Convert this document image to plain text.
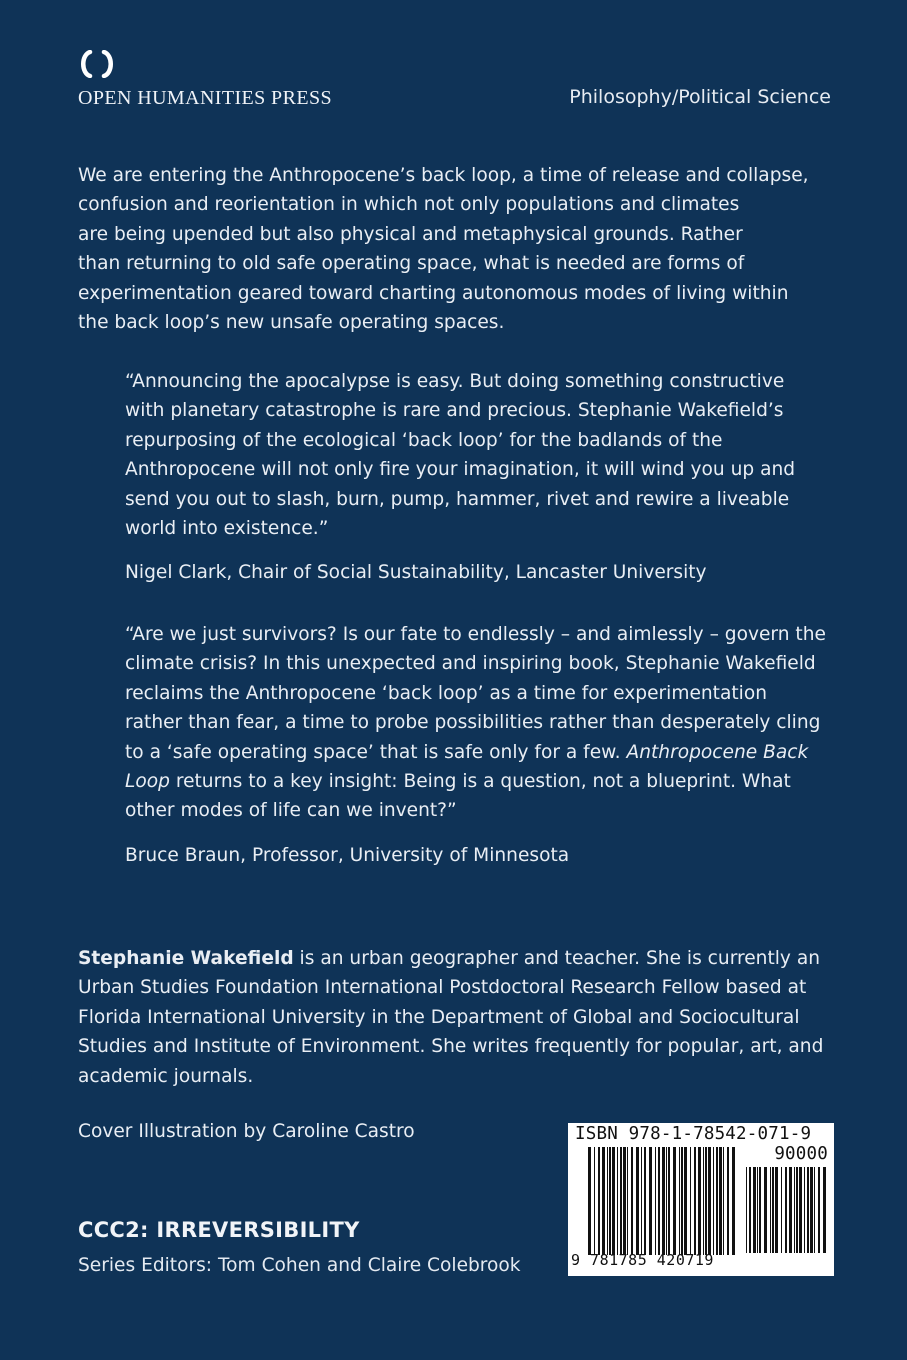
OPEN HUMANITIES PRESS	Philosophy/Political Science
We are entering the Anthropocene’s back loop, a time of release and collapse,
confusion and reorientation in which not only populations and climates
are being upended but also physical and metaphysical grounds. Rather
than returning to old safe operating space, what is needed are forms of
experimentation geared toward charting autonomous modes of living within
the back loop’s new unsafe operating spaces.
“Announcing the apocalypse is easy. But doing something constructive
with planetary catastrophe is rare and precious. Stephanie Wakefield’s
repurposing of the ecological ‘back loop’ for the badlands of the
Anthropocene will not only fire your imagination, it will wind you up and
send you out to slash, burn, pump, hammer, rivet and rewire a liveable
world into existence.”
Nigel Clark, Chair of Social Sustainability, Lancaster University
“Are we just survivors? Is our fate to endlessly – and aimlessly – govern the
climate crisis? In this unexpected and inspiring book, Stephanie Wakefield
reclaims the Anthropocene ‘back loop’ as a time for experimentation
rather than fear, a time to probe possibilities rather than desperately cling
to a ‘safe operating space’ that is safe only for a few. Anthropocene Back
Loop returns to a key insight: Being is a question, not a blueprint. What
other modes of life can we invent?”
Bruce Braun, Professor, University of Minnesota
Stephanie Wakefield is an urban geographer and teacher. She is currently an
Urban Studies Foundation International Postdoctoral Research Fellow based at
Florida International University in the Department of Global and Sociocultural
Studies and Institute of Environment. She writes frequently for popular, art, and
academic journals.
Cover Illustration by Caroline Castro
CCC2: IRREVERSIBILITY
Series Editors: Tom Cohen and Claire Colebrook
ISBN 978-1-78542-071-9
90000
9 781785 420719
